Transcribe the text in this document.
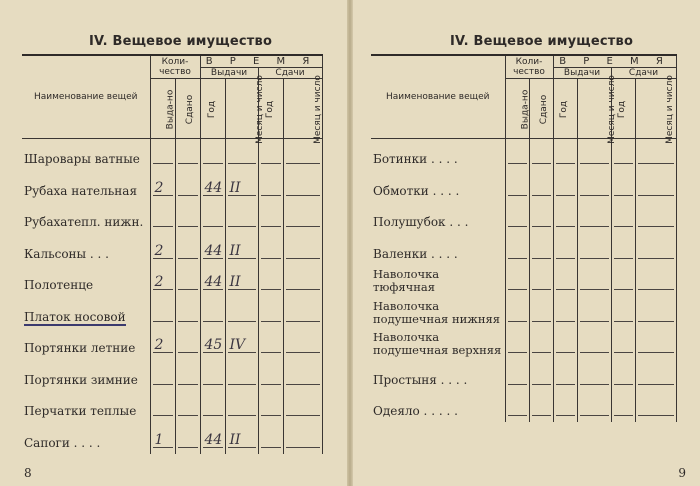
IV. Вещевое имущество
Наименование вещей	Коли-чество		В Р Е М Я			
			Выдачи		Сдачи	
	Выда-но	Сдано	Год	Месяц и число	Год	Месяц и число
Шаровары ватные	

Рубаха нательная	2		44	II		

Рубахатепл. нижн.	

Кальсоны . . .	2		44	II		

Полотенце	2		44	II		

Платок носовой	

Портянки летние	2		45	IV		

Портянки зимние	

Перчатки теплые	

Сапоги . . . .	1		44	II		

8
IV. Вещевое имущество
Наименование вещей	Коли-чество		В Р Е М Я			
			Выдачи		Сдачи	
	Выда-но	Сдано	Год	Месяц и число	Год	Месяц и число
Ботинки . . . .						
Обмотки . . . .						
Полушубок . . .						
Валенки . . . .						
Наволочка тюфячная						
Наволочка подушечная нижняя						
Наволочка подушечная верхняя						
Простыня . . . .						
Одеяло . . . . .						
9
